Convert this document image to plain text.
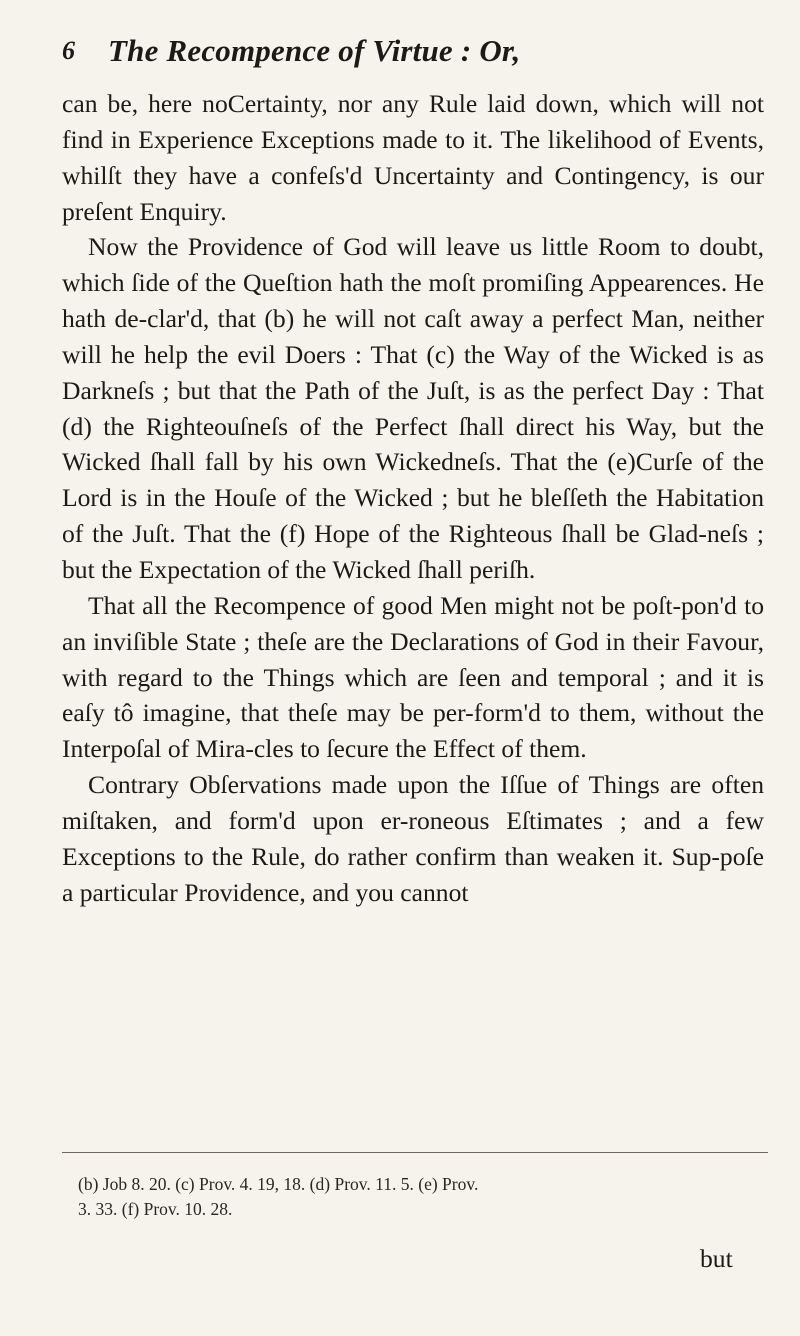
6 The Recompence of Virtue : Or,

can be, here noCertainty, nor any Rule laid down, which will not find in Experience Exceptions made to it. The likelihood of Events, whilſt they have a confeſs'd Uncertainty and Contingency, is our preſent Enquiry.

Now the Providence of God will leave us little Room to doubt, which ſide of the Queſtion hath the moſt promiſing Appearences. He hath de-clar'd, that (b) he will not caſt away a perfect Man, neither will he help the evil Doers : That (c) the Way of the Wicked is as Darkneſs ; but that the Path of the Juſt, is as the perfect Day : That (d) the Righteouſneſs of the Perfect ſhall direct his Way, but the Wicked ſhall fall by his own Wickedneſs. That the (e)Curſe of the Lord is in the Houſe of the Wicked ; but he bleſſeth the Habitation of the Juſt. That the (f) Hope of the Righteous ſhall be Glad-neſs ; but the Expectation of the Wicked ſhall periſh.

That all the Recompence of good Men might not be poſt-pon'd to an inviſible State ; theſe are the Declarations of God in their Favour, with regard to the Things which are ſeen and temporal ; and it is eaſy tô imagine, that theſe may be per-form'd to them, without the Interpoſal of Mira-cles to ſecure the Effect of them.

Contrary Obſervations made upon the Iſſue of Things are often miſtaken, and form'd upon er-roneous Eſtimates ; and a few Exceptions to the Rule, do rather confirm than weaken it. Sup-poſe a particular Providence, and you cannot

(b) Job 8. 20. (c) Prov. 4. 19, 18. (d) Prov. 11. 5. (e) Prov.
3. 33. (f) Prov. 10. 28.
but
